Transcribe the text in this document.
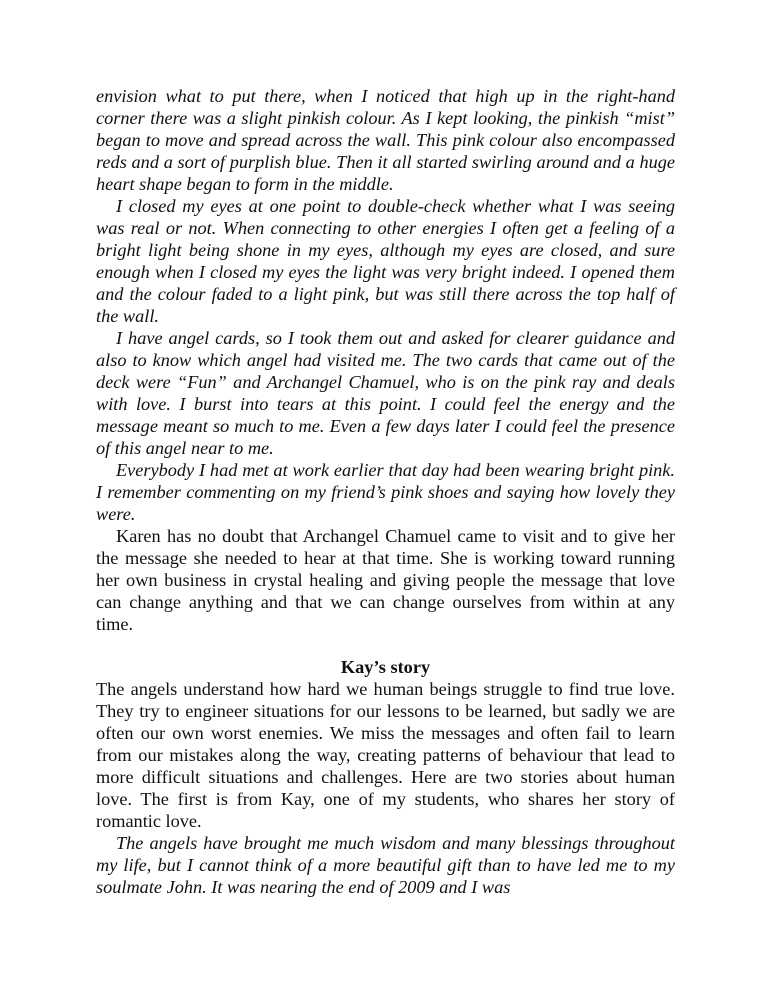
envision what to put there, when I noticed that high up in the right-hand corner there was a slight pinkish colour. As I kept looking, the pinkish “mist” began to move and spread across the wall. This pink colour also encompassed reds and a sort of purplish blue. Then it all started swirling around and a huge heart shape began to form in the middle.

I closed my eyes at one point to double-check whether what I was seeing was real or not. When connecting to other energies I often get a feeling of a bright light being shone in my eyes, although my eyes are closed, and sure enough when I closed my eyes the light was very bright indeed. I opened them and the colour faded to a light pink, but was still there across the top half of the wall.

I have angel cards, so I took them out and asked for clearer guidance and also to know which angel had visited me. The two cards that came out of the deck were “Fun” and Archangel Chamuel, who is on the pink ray and deals with love. I burst into tears at this point. I could feel the energy and the message meant so much to me. Even a few days later I could feel the presence of this angel near to me.

Everybody I had met at work earlier that day had been wearing bright pink. I remember commenting on my friend’s pink shoes and saying how lovely they were.

Karen has no doubt that Archangel Chamuel came to visit and to give her the message she needed to hear at that time. She is working toward running her own business in crystal healing and giving people the message that love can change anything and that we can change ourselves from within at any time.

Kay’s story

The angels understand how hard we human beings struggle to find true love. They try to engineer situations for our lessons to be learned, but sadly we are often our own worst enemies. We miss the messages and often fail to learn from our mistakes along the way, creating patterns of behaviour that lead to more difficult situations and challenges. Here are two stories about human love. The first is from Kay, one of my students, who shares her story of romantic love.

The angels have brought me much wisdom and many blessings throughout my life, but I cannot think of a more beautiful gift than to have led me to my soulmate John. It was nearing the end of 2009 and I was
